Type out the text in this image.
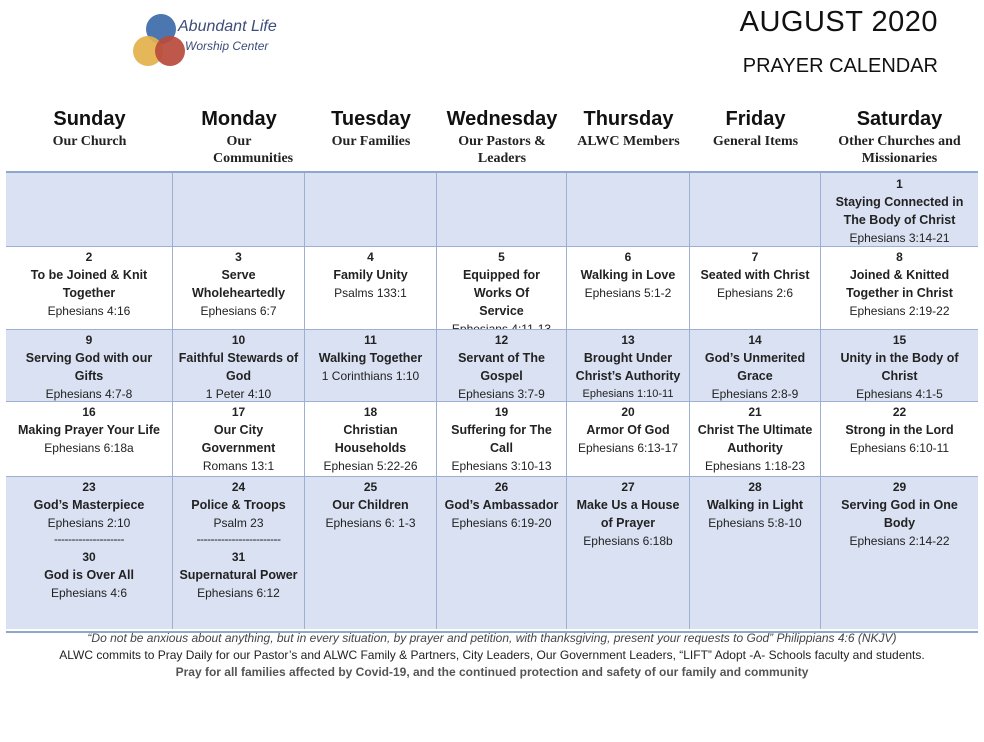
Abundant Life
Worship Center
AUGUST 2020
PRAYER CALENDAR
Sunday
Our Church
Monday
Our Communities
Tuesday
Our Families
Wednesday
Our Pastors & Leaders
Thursday
ALWC Members
Friday
General Items
Saturday
Other Churches and Missionaries
1
Staying Connected in The Body of Christ
Ephesians 3:14-21
2
To be Joined & Knit Together
Ephesians 4:16
3
Serve Wholeheartedly
Ephesians 6:7
4
Family Unity
Psalms 133:1
5
Equipped for Works Of Service
6
Walking in Love
Ephesians 5:1-2
7
Seated with Christ
Ephesians 2:6
8
Joined & Knitted Together in Christ
Ephesians 2:19-22
9
Serving God with our Gifts
Ephesians 4:7-8
10
Faithful Stewards of God
1 Peter 4:10
11
Walking Together
1 Corinthians 1:10
12
Servant of The Gospel
Ephesians 3:7-9
13
Brought Under Christ’s Authority
Ephesians 1:10-11
14
God’s Unmerited Grace
Ephesians 2:8-9
15
Unity in the Body of Christ
Ephesians 4:1-5
16
Making Prayer Your Life
Ephesians 6:18a
17
Our City Government
Romans 13:1
18
Christian Households
Ephesian 5:22-26
19
Suffering for The Call
Ephesians 3:10-13
20
Armor Of God
Ephesians 6:13-17
21
Christ The Ultimate Authority
Ephesians 1:18-23
22
Strong in the Lord
Ephesians 6:10-11
23
God’s Masterpiece
Ephesians 2:10
--------------------
30
God is Over All
Ephesians 4:6
24
Police & Troops
Psalm 23
------------------------
31
Supernatural Power
Ephesians 6:12
25
Our Children
Ephesians 6: 1-3
26
God’s Ambassador
Ephesians 6:19-20
27
Make Us a House of Prayer
Ephesians 6:18b
28
Walking in Light
Ephesians 5:8-10
29
Serving God in One Body
Ephesians 2:14-22
“Do not be anxious about anything, but in every situation, by prayer and petition, with thanksgiving, present your requests to God” Philippians 4:6 (NKJV)
ALWC commits to Pray Daily for our Pastor’s and ALWC Family & Partners, City Leaders, Our Government Leaders, “LIFT” Adopt -A- Schools faculty and students.
Pray for all families affected by Covid-19, and the continued protection and safety of our family and community
